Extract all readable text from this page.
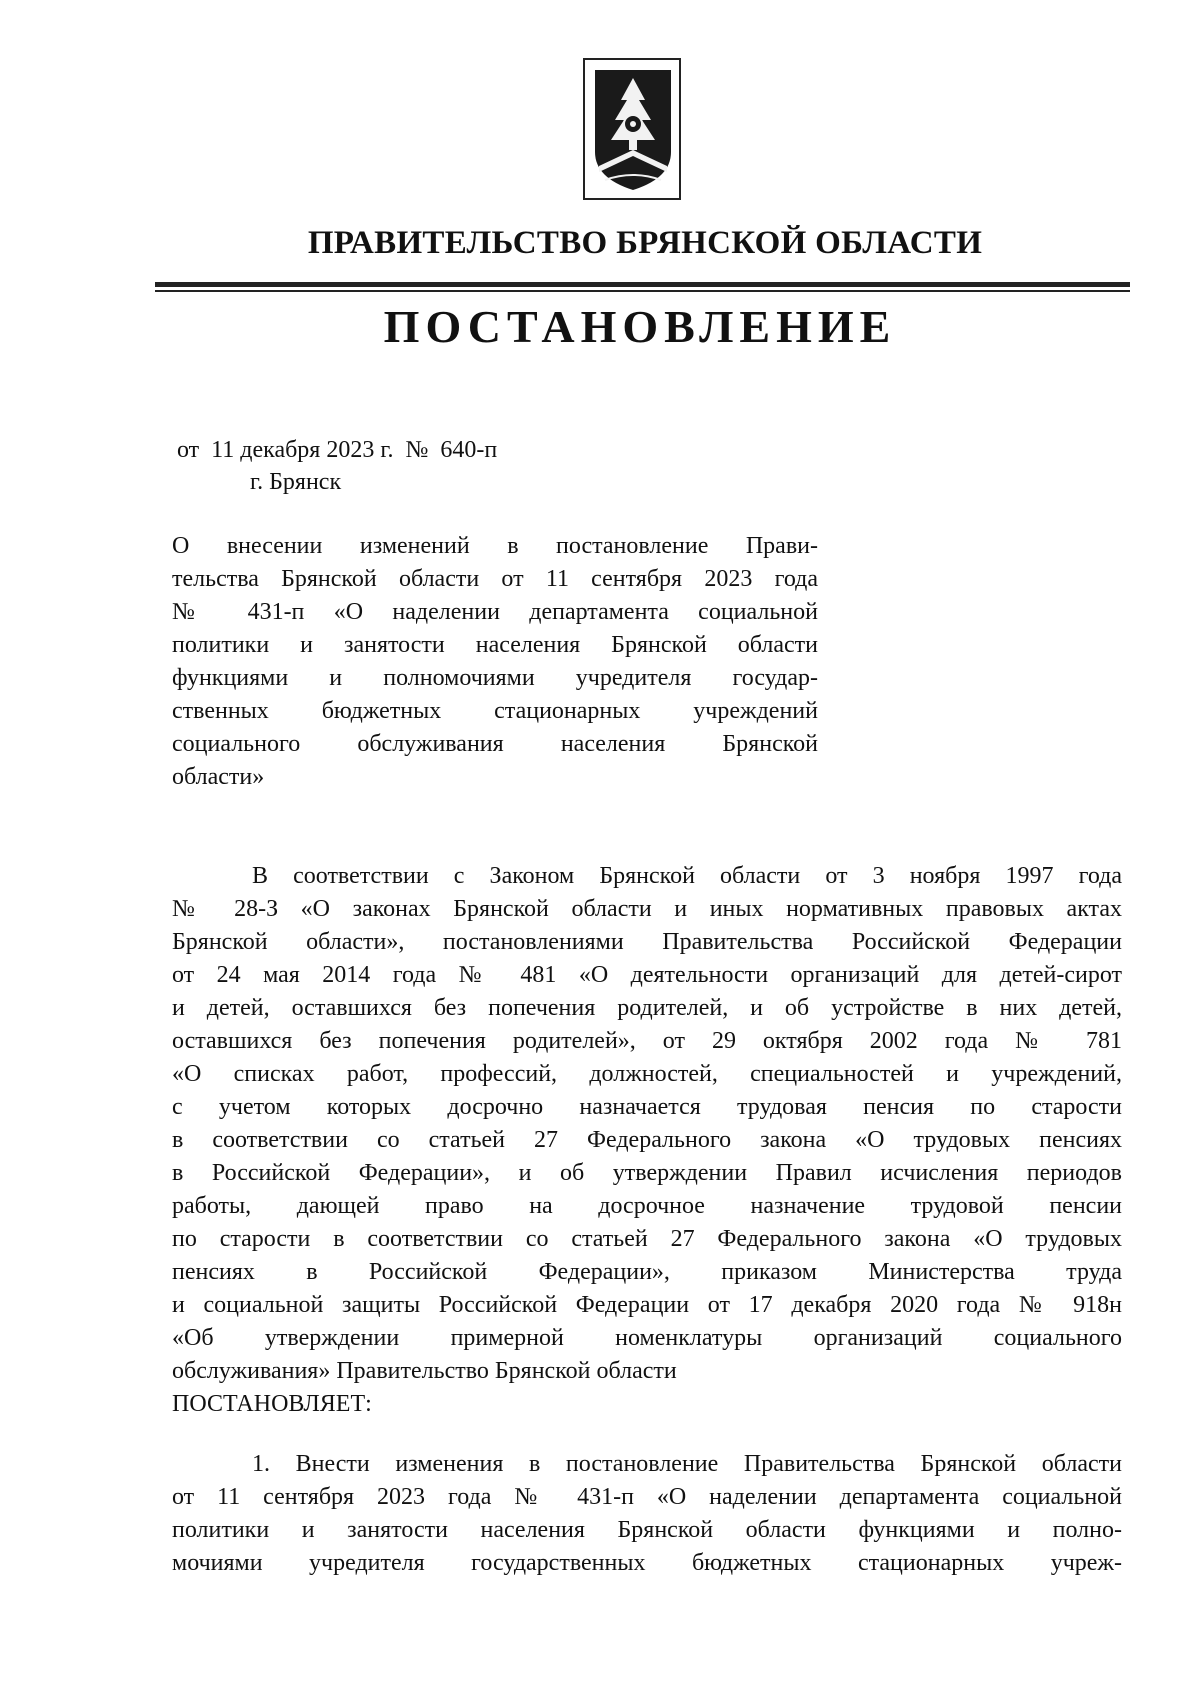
ПРАВИТЕЛЬСТВО БРЯНСКОЙ ОБЛАСТИ
ПОСТАНОВЛЕНИЕ
от  11 декабря 2023 г.  №  640-п
г. Брянск
О внесении изменений в постановление Прави-
тельства Брянской области от 11 сентября 2023 года
№ 431-п «О наделении департамента социальной
политики и занятости населения Брянской области
функциями и полномочиями учредителя государ-
ственных бюджетных стационарных учреждений
социального обслуживания населения Брянской
области»
В соответствии с Законом Брянской области от 3 ноября 1997 года
№ 28-З «О законах Брянской области и иных нормативных правовых актах
Брянской области», постановлениями Правительства Российской Федерации
от 24 мая 2014 года № 481 «О деятельности организаций для детей-сирот
и детей, оставшихся без попечения родителей, и об устройстве в них детей,
оставшихся без попечения родителей», от 29 октября 2002 года № 781
«О списках работ, профессий, должностей, специальностей и учреждений,
с учетом которых досрочно назначается трудовая пенсия по старости
в соответствии со статьей 27 Федерального закона «О трудовых пенсиях
в Российской Федерации», и об утверждении Правил исчисления периодов
работы, дающей право на досрочное назначение трудовой пенсии
по старости в соответствии со статьей 27 Федерального закона «О трудовых
пенсиях в Российской Федерации», приказом Министерства труда
и социальной защиты Российской Федерации от 17 декабря 2020 года № 918н
«Об утверждении примерной номенклатуры организаций социального
обслуживания» Правительство Брянской области
ПОСТАНОВЛЯЕТ:
1. Внести изменения в постановление Правительства Брянской области
от 11 сентября 2023 года № 431-п «О наделении департамента социальной
политики и занятости населения Брянской области функциями и полно-
мочиями учредителя государственных бюджетных стационарных учреж-
